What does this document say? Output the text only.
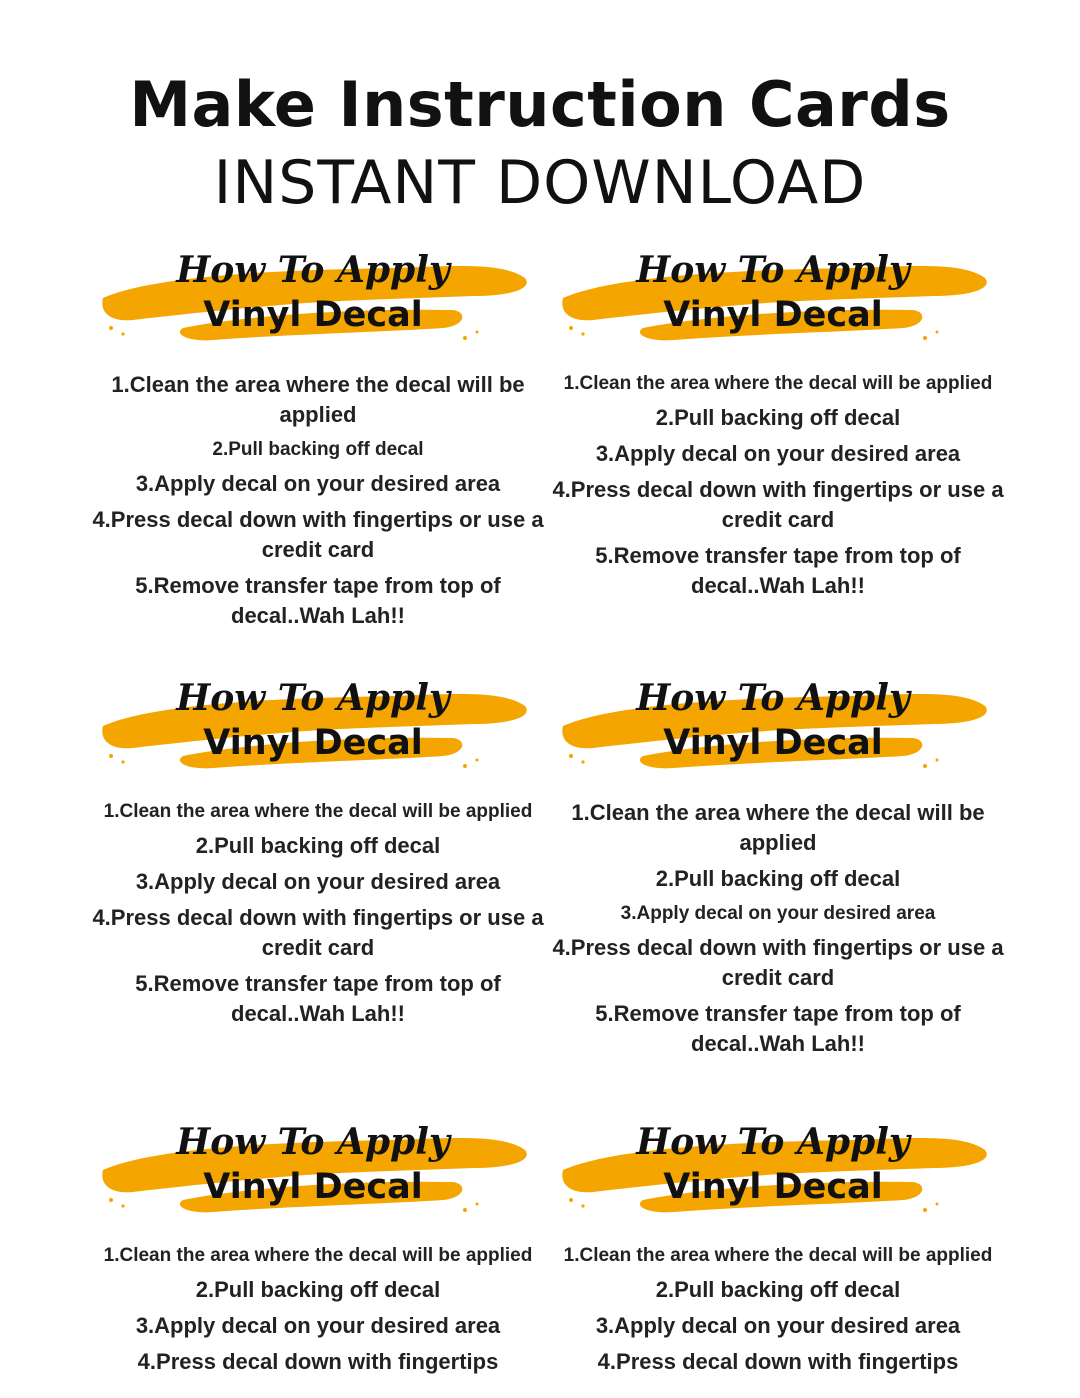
Make Instruction Cards
INSTANT DOWNLOAD
How To Apply
Vinyl Decal
1.Clean the area where the decal will be applied
2.Pull backing off decal
3.Apply decal on your desired area
4.Press decal down with fingertips or use a credit card
5.Remove transfer tape from top of decal..Wah Lah!!
How To Apply
Vinyl Decal
1.Clean the area where the decal will be applied
2.Pull backing off decal
3.Apply decal on your desired area
4.Press decal down with fingertips or use a credit card
5.Remove transfer tape from top of decal..Wah Lah!!
How To Apply
Vinyl Decal
1.Clean the area where the decal will be applied
2.Pull backing off decal
3.Apply decal on your desired area
4.Press decal down with fingertips or use a credit card
5.Remove transfer tape from top of decal..Wah Lah!!
How To Apply
Vinyl Decal
1.Clean the area where the decal will be applied
2.Pull backing off decal
3.Apply decal on your desired area
4.Press decal down with fingertips or use a credit card
5.Remove transfer tape from top of decal..Wah Lah!!
How To Apply
Vinyl Decal
1.Clean the area where the decal will be applied
2.Pull backing off decal
3.Apply decal on your desired area
4.Press decal down with fingertips
How To Apply
Vinyl Decal
1.Clean the area where the decal will be applied
2.Pull backing off decal
3.Apply decal on your desired area
4.Press decal down with fingertips
